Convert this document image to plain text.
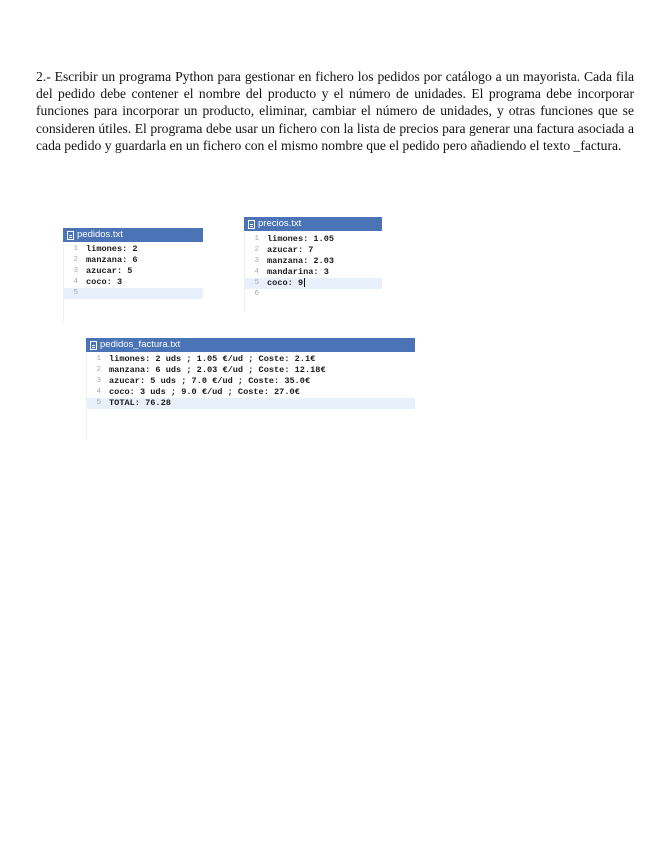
2.- Escribir un programa Python para gestionar en fichero los pedidos por catálogo a un mayorista. Cada fila del pedido debe contener el nombre del producto y el número de unidades. El programa debe incorporar funciones para incorporar un producto, eliminar, cambiar el número de unidades, y otras funciones que se consideren útiles. El programa debe usar un fichero con la lista de precios para generar una factura asociada a cada pedido y guardarla en un fichero con el mismo nombre que el pedido pero añadiendo el texto _factura.

pedidos.txt
1 limones: 2
2 manzana: 6
3 azucar: 5
4 coco: 3
5
precios.txt
1 limones: 1.05
2 azucar: 7
3 manzana: 2.03
4 mandarina: 3
5 coco: 9
6
pedidos_factura.txt
1 limones: 2 uds ; 1.05 €/ud ; Coste: 2.1€
2 manzana: 6 uds ; 2.03 €/ud ; Coste: 12.18€
3 azucar: 5 uds ; 7.0 €/ud ; Coste: 35.0€
4 coco: 3 uds ; 9.0 €/ud ; Coste: 27.0€
5 TOTAL: 76.28
